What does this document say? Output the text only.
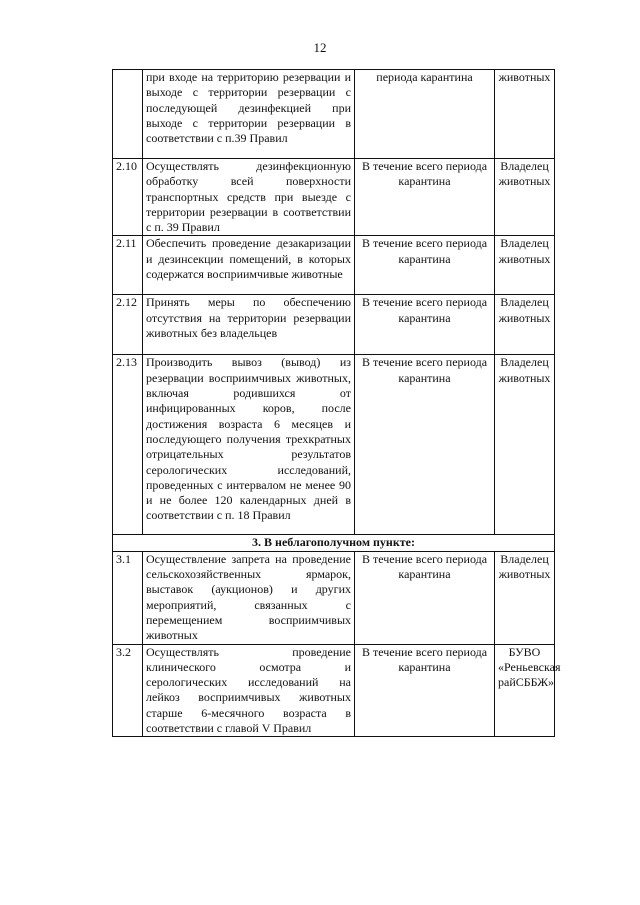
12
	при входе на территорию резервации и выходе с территории резервации с последующей дезинфекцией при выходе с территории резервации в соответствии с п.39 Правил	периода карантина	животных
2.10	Осуществлять дезинфекционную обработку всей поверхности транспортных средств при выезде с территории резервации в соответствии с п. 39 Правил	В течение всего периода карантина	Владелец животных
2.11	Обеспечить проведение дезакаризации и дезинсекции помещений, в которых содержатся восприимчивые животные	В течение всего периода карантина	Владелец животных
2.12	Принять меры по обеспечению отсутствия на территории резервации животных без владельцев	В течение всего периода карантина	Владелец животных
2.13	Производить вывоз (вывод) из резервации восприимчивых животных, включая родившихся от инфицированных коров, после достижения возраста 6 месяцев и последующего получения трехкратных отрицательных результатов серологических исследований, проведенных с интервалом не менее 90 и не более 120 календарных дней в соответствии с п. 18 Правил	В течение всего периода карантина	Владелец животных
3. В неблагополучном пункте:			
3.1	Осуществление запрета на проведение сельскохозяйственных ярмарок, выставок (аукционов) и других мероприятий, связанных с перемещением восприимчивых животных	В течение всего периода карантина	Владелец животных
3.2	Осуществлять проведение клинического осмотра и серологических исследований на лейкоз восприимчивых животных старше 6-месячного возраста в соответствии с главой V Правил	В течение всего периода карантина	БУВО «Реньевская райСББЖ»
